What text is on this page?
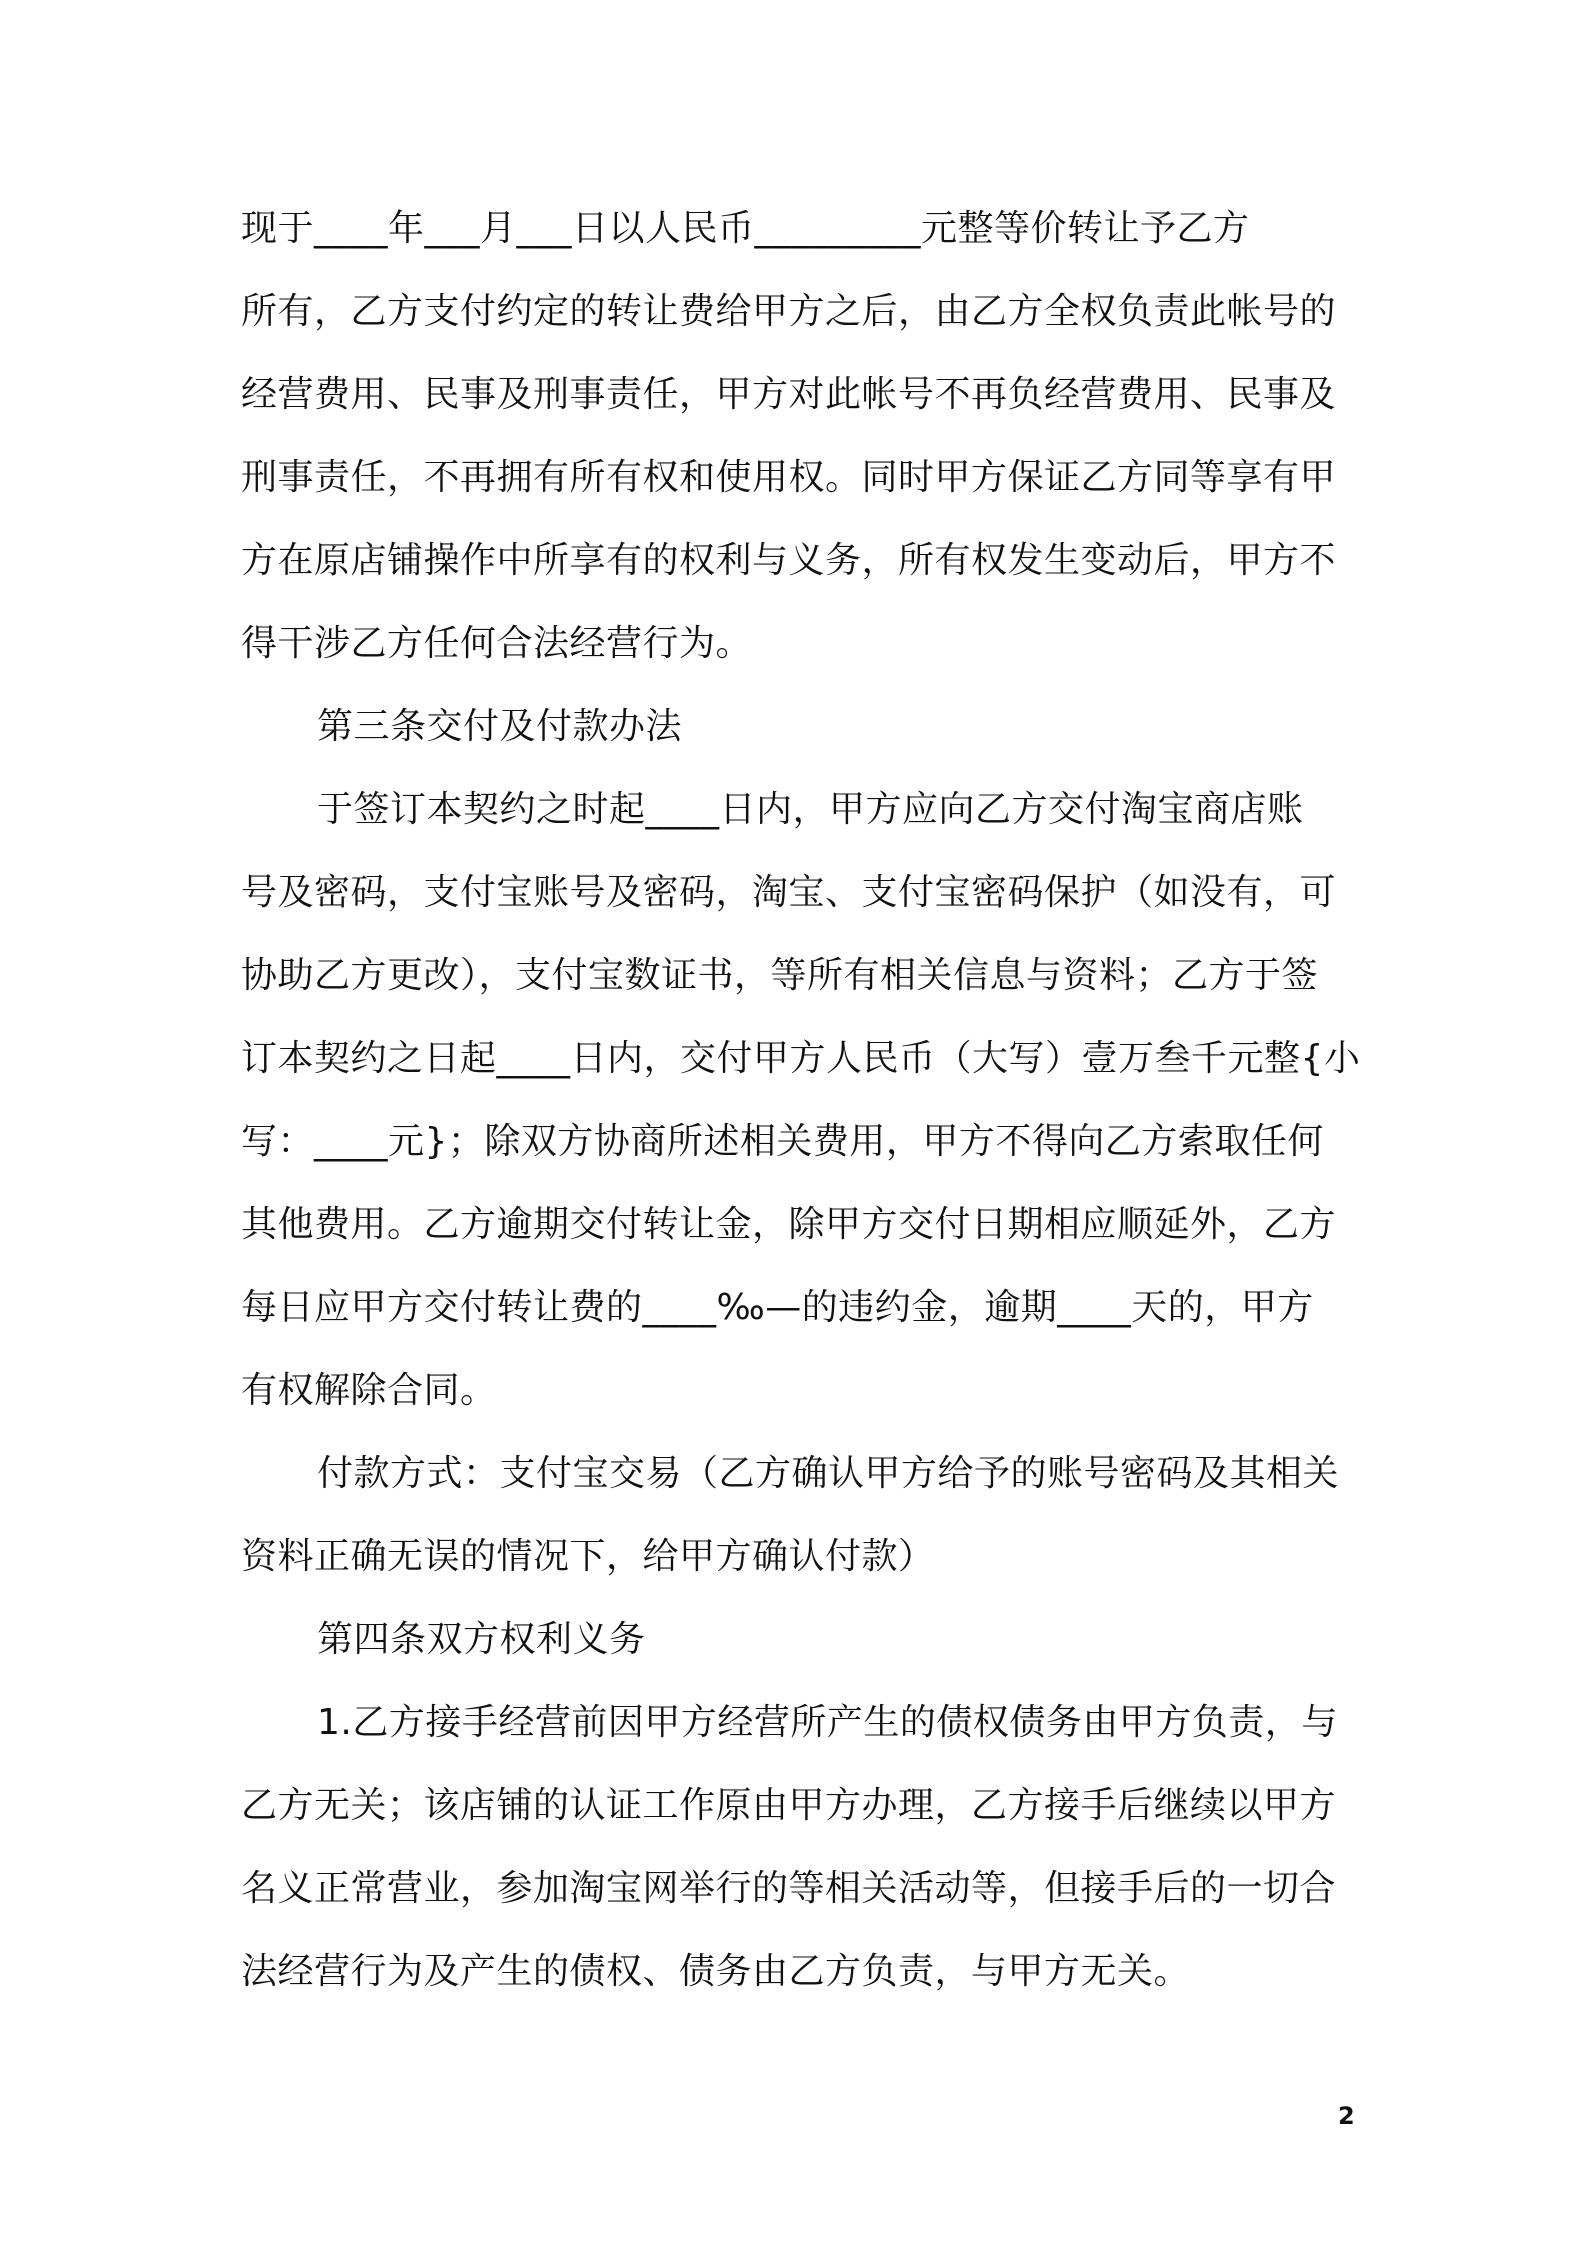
现于____年___月___日以人民币_________元整等价转让予乙方
所有，乙方支付约定的转让费给甲方之后，由乙方全权负责此帐号的
经营费用、民事及刑事责任，甲方对此帐号不再负经营费用、民事及
刑事责任，不再拥有所有权和使用权。同时甲方保证乙方同等享有甲
方在原店铺操作中所享有的权利与义务，所有权发生变动后，甲方不
得干涉乙方任何合法经营行为。
第三条交付及付款办法
于签订本契约之时起____日内，甲方应向乙方交付淘宝商店账
号及密码，支付宝账号及密码，淘宝、支付宝密码保护（如没有，可
协助乙方更改），支付宝数证书，等所有相关信息与资料；乙方于签
订本契约之日起____日内，交付甲方人民币（大写）壹万叁千元整{小
写：____元}；除双方协商所述相关费用，甲方不得向乙方索取任何
其他费用。乙方逾期交付转让金，除甲方交付日期相应顺延外，乙方
每日应甲方交付转让费的____‰—的违约金，逾期____天的，甲方
有权解除合同。
付款方式：支付宝交易（乙方确认甲方给予的账号密码及其相关
资料正确无误的情况下，给甲方确认付款）
第四条双方权利义务
1.乙方接手经营前因甲方经营所产生的债权债务由甲方负责，与
乙方无关；该店铺的认证工作原由甲方办理，乙方接手后继续以甲方
名义正常营业，参加淘宝网举行的等相关活动等，但接手后的一切合
法经营行为及产生的债权、债务由乙方负责，与甲方无关。
2
